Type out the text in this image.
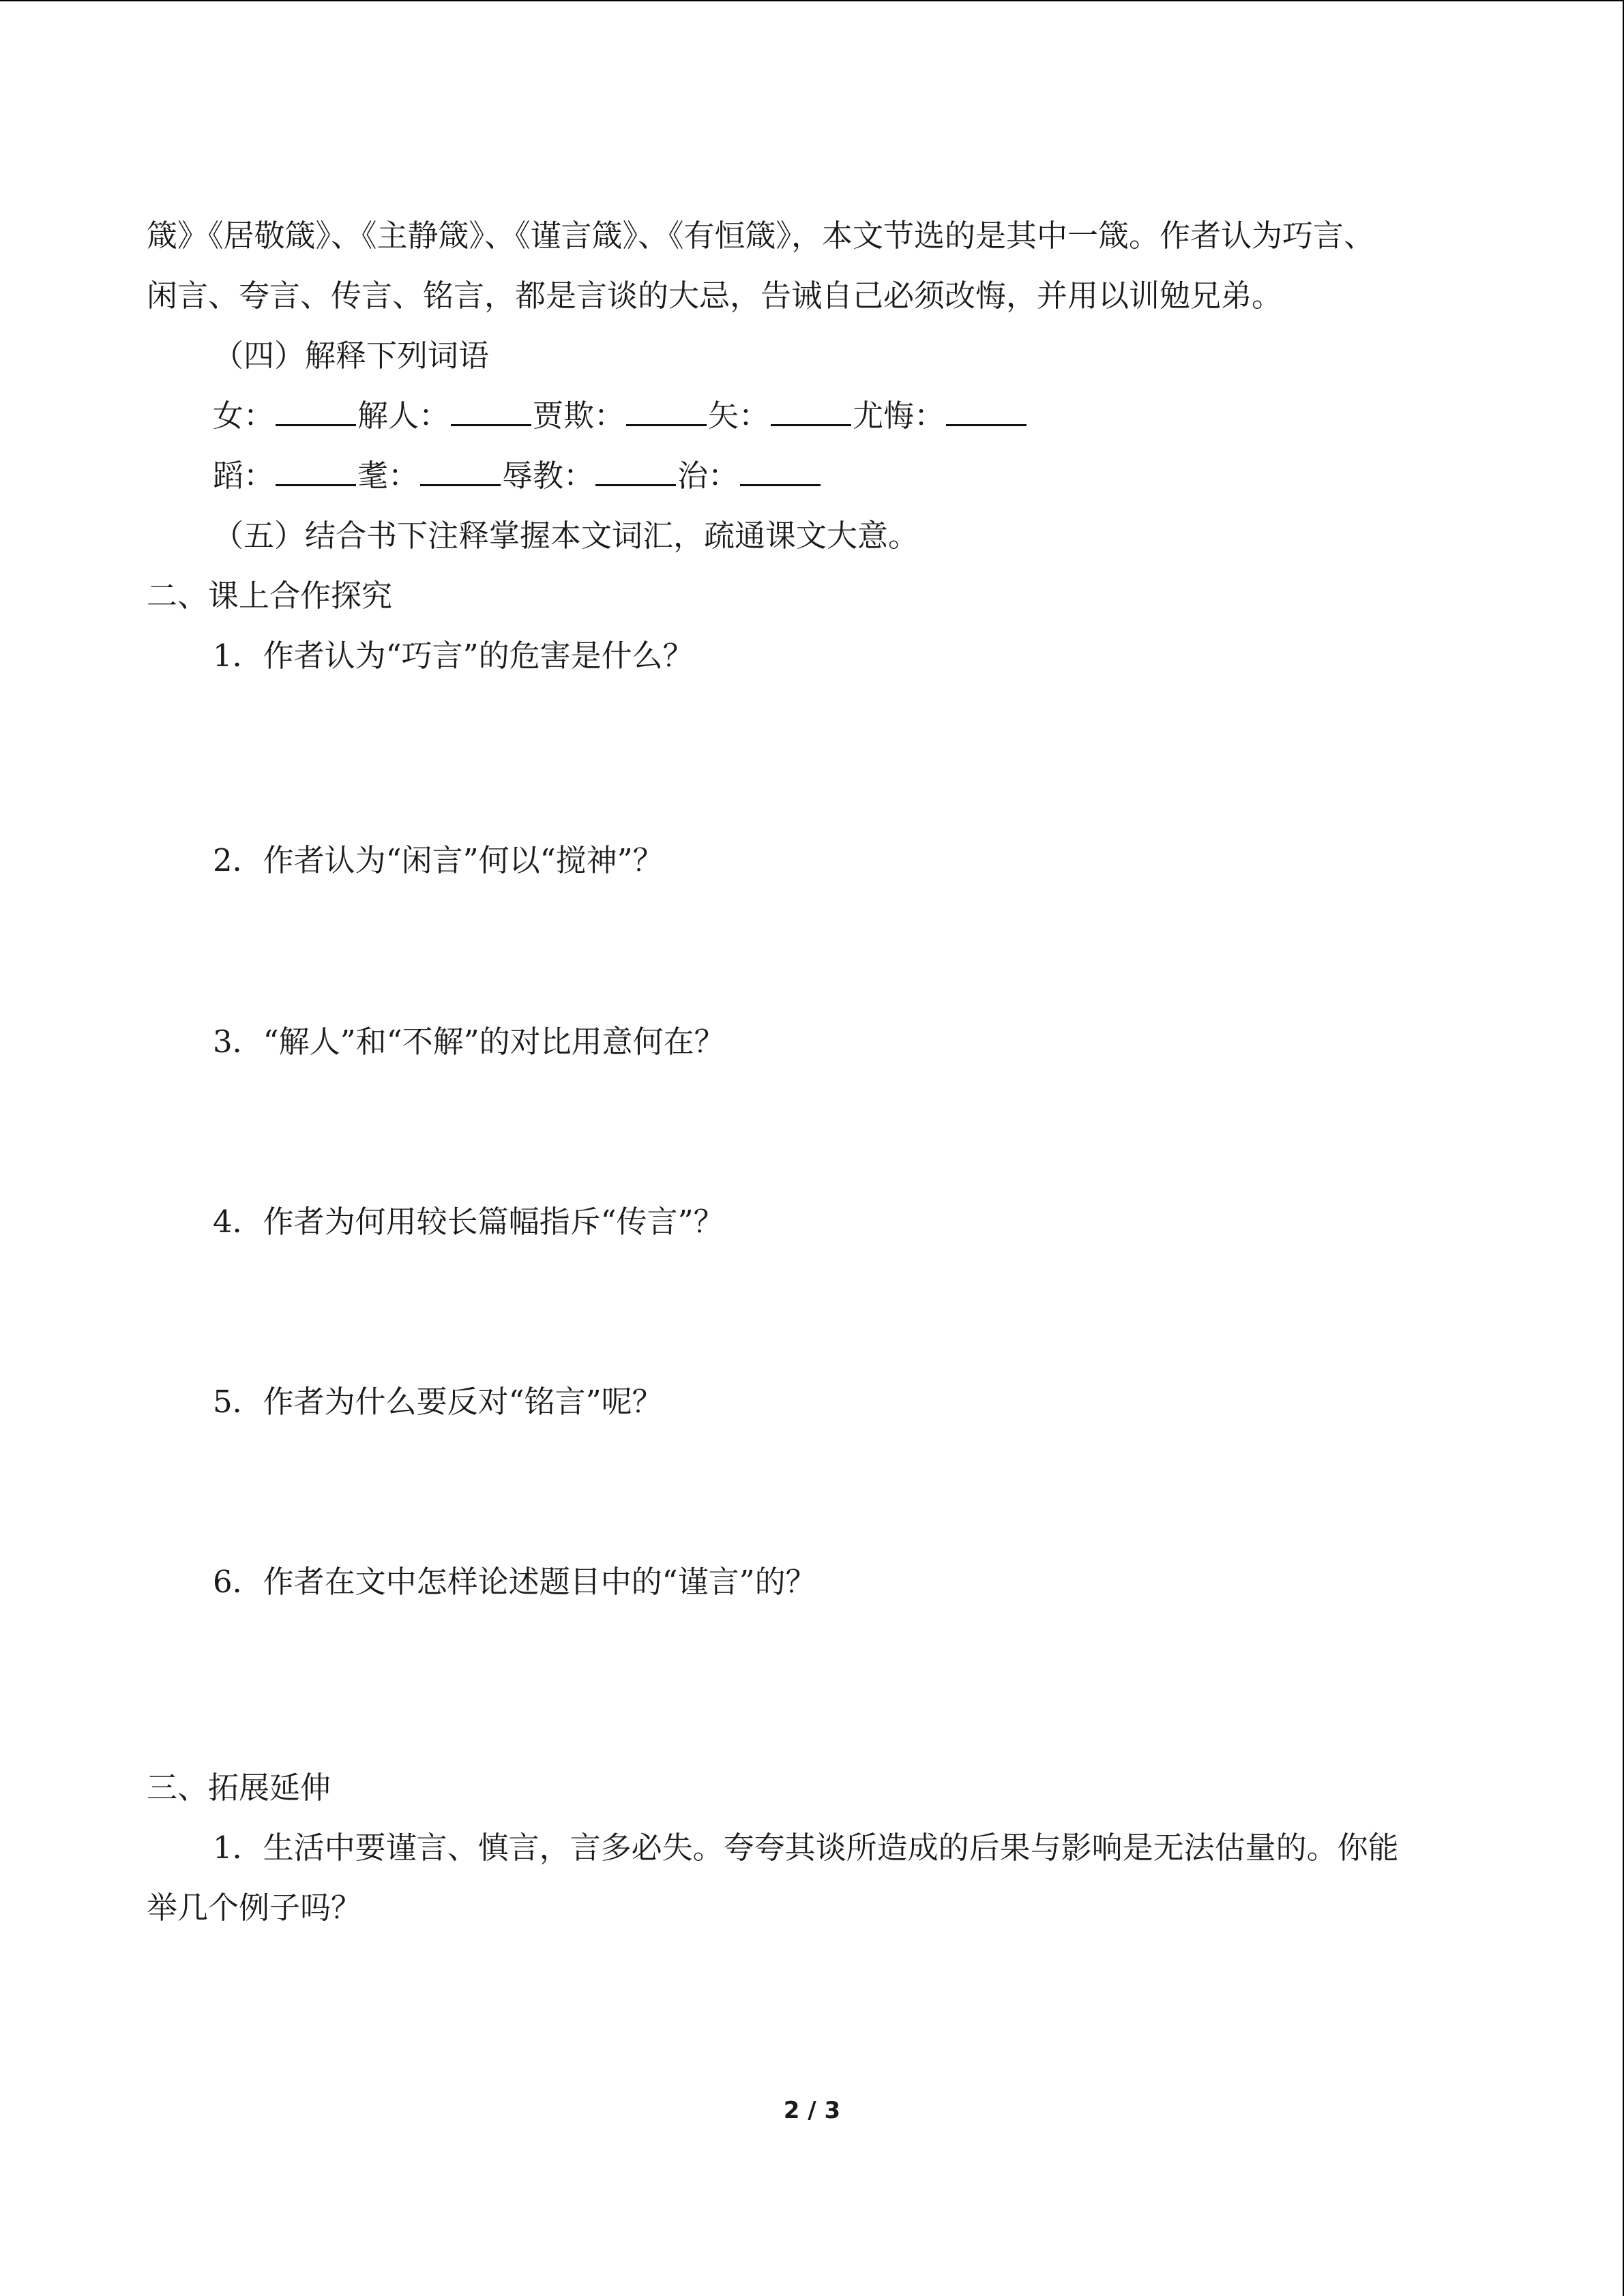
箴》《居敬箴》、《主静箴》、《谨言箴》、《有恒箴》，本文节选的是其中一箴。作者认为巧言、
闲言、夸言、传言、铭言，都是言谈的大忌，告诫自己必须改悔，并用以训勉兄弟。
（四）解释下列词语
女：	解人：	贾欺：	矢：	尤悔：
蹈：	耄：	辱教：	治：
（五）结合书下注释掌握本文词汇，疏通课文大意。
二、课上合作探究
1．作者认为“巧言”的危害是什么？
2．作者认为“闲言”何以“搅神”？
3．“解人”和“不解”的对比用意何在？
4．作者为何用较长篇幅指斥“传言”？
5．作者为什么要反对“铭言”呢？
6．作者在文中怎样论述题目中的“谨言”的？
三、拓展延伸
1．生活中要谨言、慎言，言多必失。夸夸其谈所造成的后果与影响是无法估量的。你能
举几个例子吗？
2 / 3
